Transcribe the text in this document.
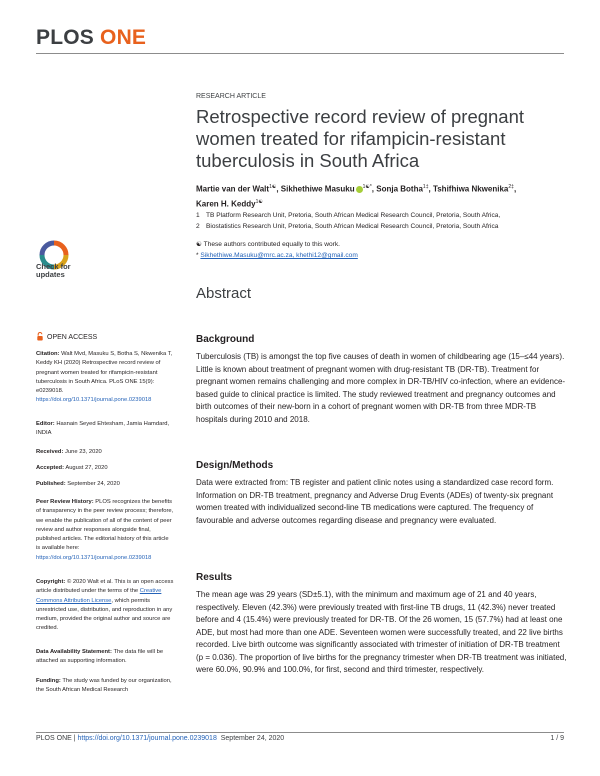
PLOS ONE
RESEARCH ARTICLE
Retrospective record review of pregnant women treated for rifampicin-resistant tuberculosis in South Africa
Martie van der Walt$^{1☯}$, Sikhethiwe Masuku $^{1☯*}$, Sonja Botha$^{1\ddagger}$, Tshifhiwa Nkwenika$^{2\ddagger}$,
Karen H. Keddy$^{1☯}$
1 TB Platform Research Unit, Pretoria, South African Medical Research Council, Pretoria, South Africa,
2 Biostatistics Research Unit, Pretoria, South African Medical Research Council, Pretoria, South Africa
☯ These authors contributed equally to this work.
* Sikhethiwe.Masuku@mrc.ac.za, khethi12@gmail.com
Check for updates
Abstract
Background
Tuberculosis (TB) is amongst the top five causes of death in women of childbearing age (15–≤44 years). Little is known about treatment of pregnant women with drug-resistant TB (DR-TB). Treatment for pregnant women remains challenging and more complex in DR-TB/HIV co-infection, where an evidence-based guide to clinical practice is limited. The study reviewed treatment and pregnancy outcomes and birth outcomes of their new-born in a cohort of pregnant women with DR-TB from three MDR-TB hospitals during 2010 and 2018.
Design/Methods
Data were extracted from: TB register and patient clinic notes using a standardized case record form. Information on DR-TB treatment, pregnancy and Adverse Drug Events (ADEs) of twenty-six pregnant women treated with individualized second-line TB medications were captured. The frequency of favourable and adverse outcomes regarding disease and pregnancy were evaluated.
Results
The mean age was 29 years (SD±5.1), with the minimum and maximum age of 21 and 40 years, respectively. Eleven (42.3%) were previously treated with first-line TB drugs, 11 (42.3%) never treated before and 4 (15.4%) were previously treated for DR-TB. Of the 26 women, 15 (57.7%) had at least one ADE, but most had more than one ADE. Seventeen women were successfully treated, and 22 live births recorded. Live birth outcome was significantly associated with trimester of initiation of DR-TB treatment (p = 0.036). The proportion of live births for the pregnancy trimester when DR-TB treatment was initiated, were 60.0%, 90.9% and 100.0%, for first, second and third trimester, respectively.
OPEN ACCESS
Citation: Walt Mvd, Masuku S, Botha S, Nkwenika T, Keddy KH (2020) Retrospective record review of pregnant women treated for rifampicin-resistant tuberculosis in South Africa. PLoS ONE 15(9): e0239018. https://doi.org/10.1371/journal.pone.0239018
Editor: Hasnain Seyed Ehtesham, Jamia Hamdard, INDIA
Received: June 23, 2020
Accepted: August 27, 2020
Published: September 24, 2020
Peer Review History: PLOS recognizes the benefits of transparency in the peer review process; therefore, we enable the publication of all of the content of peer review and author responses alongside final, published articles. The editorial history of this article is available here: https://doi.org/10.1371/journal.pone.0239018
Copyright: © 2020 Walt et al. This is an open access article distributed under the terms of the Creative Commons Attribution License, which permits unrestricted use, distribution, and reproduction in any medium, provided the original author and source are credited.
Data Availability Statement: The data file will be attached as supporting information.
Funding: The study was funded by our organization, the South African Medical Research
PLOS ONE | https://doi.org/10.1371/journal.pone.0239018  September 24, 2020	1 / 9
